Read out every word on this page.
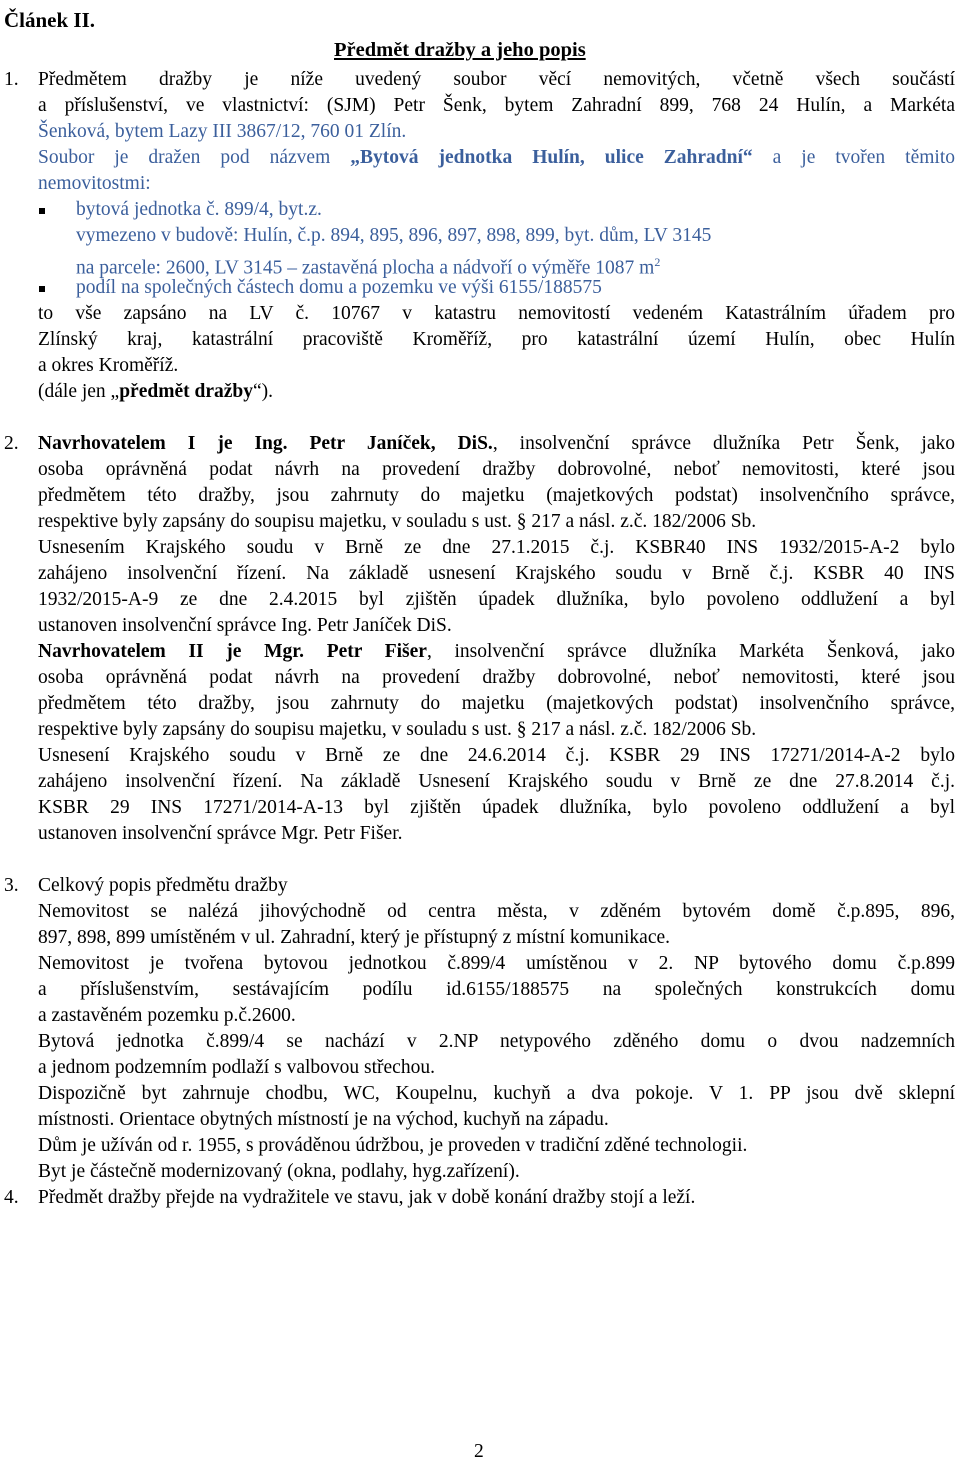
Článek II.
Předmět dražby a jeho popis
1. Předmětem dražby je níže uvedený soubor věcí nemovitých, včetně všech součástí
a příslušenství, ve vlastnictví: (SJM) Petr Šenk, bytem Zahradní 899, 768 24 Hulín, a Markéta
Šenková, bytem Lazy III 3867/12, 760 01 Zlín.
Soubor je dražen pod názvem „Bytová jednotka Hulín, ulice Zahradní“ a je tvořen těmito
nemovitostmi:
bytová jednotka č. 899/4, byt.z.
vymezeno v budově: Hulín, č.p. 894, 895, 896, 897, 898, 899, byt. dům, LV 3145
na parcele: 2600, LV 3145 – zastavěná plocha a nádvoří o výměře 1087 $m^2$
podíl na společných částech domu a pozemku ve výši 6155/188575
to vše zapsáno na LV č. 10767 v katastru nemovitostí vedeném Katastrálním úřadem pro
Zlínský kraj, katastrální pracoviště Kroměříž, pro katastrální území Hulín, obec Hulín
a okres Kroměříž.
(dále jen „předmět dražby“).
2. Navrhovatelem I je Ing. Petr Janíček, DiS., insolvenční správce dlužníka Petr Šenk, jako
osoba oprávněná podat návrh na provedení dražby dobrovolné, neboť nemovitosti, které jsou
předmětem této dražby, jsou zahrnuty do majetku (majetkových podstat) insolvenčního správce,
respektive byly zapsány do soupisu majetku, v souladu s ust. § 217 a násl. z.č. 182/2006 Sb.
Usnesením Krajského soudu v Brně ze dne 27.1.2015 č.j. KSBR40 INS 1932/2015-A-2 bylo
zahájeno insolvenční řízení. Na základě usnesení Krajského soudu v Brně č.j. KSBR 40 INS
1932/2015-A-9 ze dne 2.4.2015 byl zjištěn úpadek dlužníka, bylo povoleno oddlužení a byl
ustanoven insolvenční správce Ing. Petr Janíček DiS.
Navrhovatelem II je Mgr. Petr Fišer, insolvenční správce dlužníka Markéta Šenková, jako
osoba oprávněná podat návrh na provedení dražby dobrovolné, neboť nemovitosti, které jsou
předmětem této dražby, jsou zahrnuty do majetku (majetkových podstat) insolvenčního správce,
respektive byly zapsány do soupisu majetku, v souladu s ust. § 217 a násl. z.č. 182/2006 Sb.
Usnesení Krajského soudu v Brně ze dne 24.6.2014 č.j. KSBR 29 INS 17271/2014-A-2 bylo
zahájeno insolvenční řízení. Na základě Usnesení Krajského soudu v Brně ze dne 27.8.2014 č.j.
KSBR 29 INS 17271/2014-A-13 byl zjištěn úpadek dlužníka, bylo povoleno oddlužení a byl
ustanoven insolvenční správce Mgr. Petr Fišer.
3. Celkový popis předmětu dražby
Nemovitost se nalézá jihovýchodně od centra města, v zděném bytovém domě č.p.895, 896,
897, 898, 899 umístěném v ul. Zahradní, který je přístupný z místní komunikace.
Nemovitost je tvořena bytovou jednotkou č.899/4 umístěnou v 2. NP bytového domu č.p.899
a příslušenstvím, sestávajícím podílu id.6155/188575 na společných konstrukcích domu
a zastavěném pozemku p.č.2600.
Bytová jednotka č.899/4 se nachází v 2.NP netypového zděného domu o dvou nadzemních
a jednom podzemním podlaží s valbovou střechou.
Dispozičně byt zahrnuje chodbu, WC, Koupelnu, kuchyň a dva pokoje. V 1. PP jsou dvě sklepní
místnosti. Orientace obytných místností je na východ, kuchyň na západu.
Dům je užíván od r. 1955, s prováděnou údržbou, je proveden v tradiční zděné technologii.
Byt je částečně modernizovaný (okna, podlahy, hyg.zařízení).
4. Předmět dražby přejde na vydražitele ve stavu, jak v době konání dražby stojí a leží.
2
